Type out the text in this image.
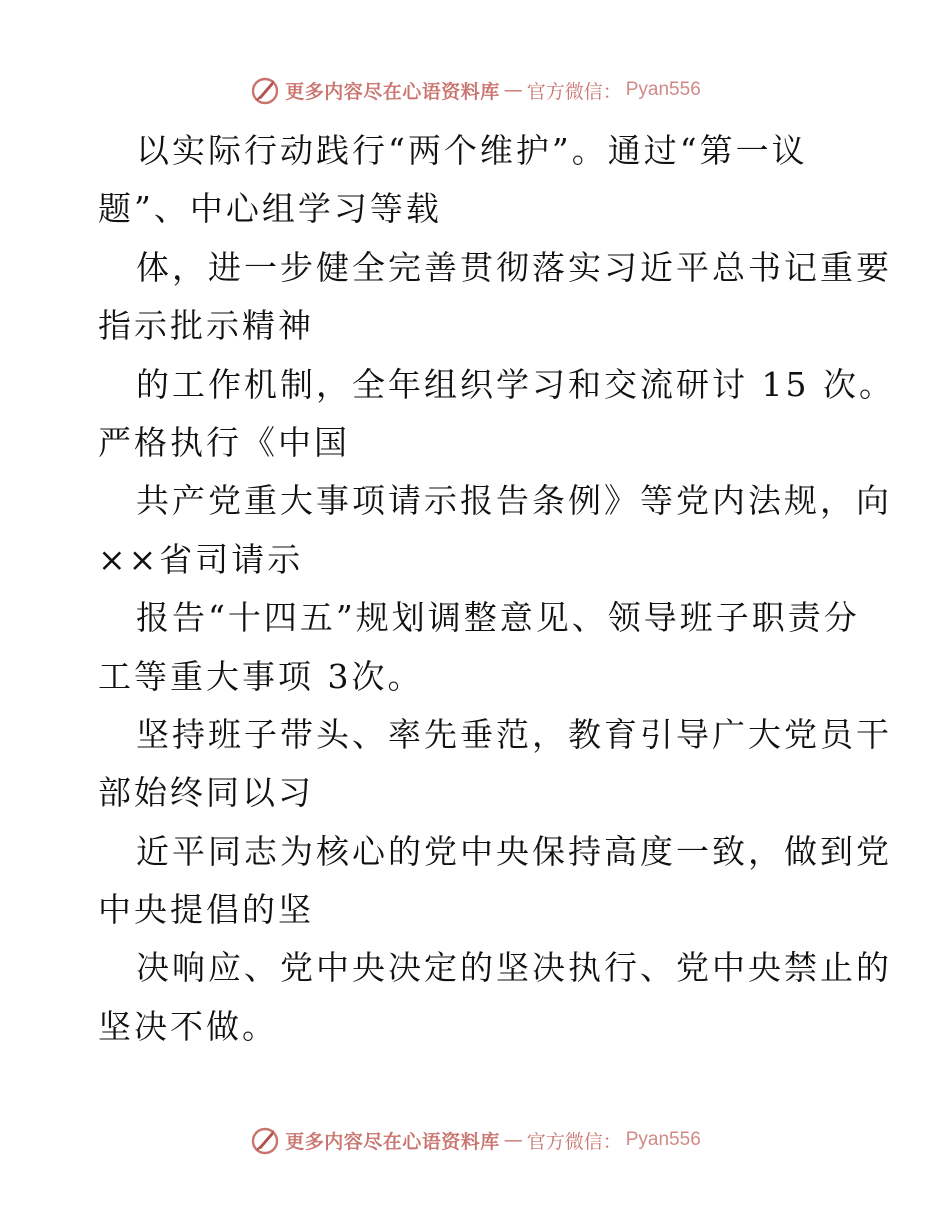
更多内容尽在心语资料库 — 官方微信： Pyan556
以实际行动践行“两个维护”。通过“第一议
题”、中心组学习等载
体，进一步健全完善贯彻落实习近平总书记重要
指示批示精神
的工作机制，全年组织学习和交流研讨 15 次。
严格执行《中国
共产党重大事项请示报告条例》等党内法规，向
××省司请示
报告“十四五”规划调整意见、领导班子职责分
工等重大事项 3次。
坚持班子带头、率先垂范，教育引导广大党员干
部始终同以习
近平同志为核心的党中央保持高度一致，做到党
中央提倡的坚
决响应、党中央决定的坚决执行、党中央禁止的
坚决不做。
更多内容尽在心语资料库 — 官方微信： Pyan556
